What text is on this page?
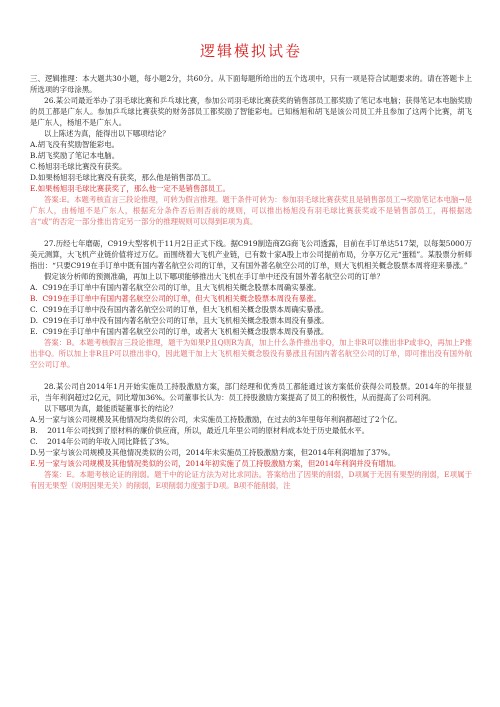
逻辑模拟试卷

三、逻辑推理：本大题共30小题，每小题2分，共60分。从下面每题所给出的五个选项中，只有一项是符合试题要求的。请在答题卡上所选项的字母涂黑。

26.某公司最近举办了羽毛球比赛和乒乓球比赛，参加公司羽毛球比赛获奖的销售部员工都奖励了笔记本电脑；获得笔记本电脑奖励的员工都是广东人。参加乒乓球比赛获奖的财务部员工都奖励了智能彩电。已知杨旭和胡飞是该公司员工并且参加了这两个比赛，胡飞是广东人，杨旭不是广东人。

以上陈述为真，能得出以下哪项结论？

A.胡飞没有奖励智能彩电。

B.胡飞奖励了笔记本电脑。

C.杨旭羽毛球比赛没有获奖。

D.如果杨旭羽毛球比赛没有获奖，那么他是销售部员工。

E.如果杨旭羽毛球比赛获奖了，那么他一定不是销售部员工。

答案:E。本题考核直言三段论推理，可转为假言推理。题干条件可转为：参加羽毛球比赛获奖且是销售部员工→奖励笔记本电脑→是广东人，由杨旭不是广东人，根据充分条件否后则否前的规则，可以推出杨旭没有羽毛球比赛获奖或不是销售部员工，再根据选言“或”的否定一部分推出肯定另一部分的推理规则可以得到E项为真。

27.历经七年磨砺，C919大型客机于11月2日正式下线。据C919制造商ZG商飞公司透露，目前在手订单达517架，以每架5000万美元测算，大飞机产业链价值将过万亿。而围绕着大飞机产业链，已有数十家A股上市公司提前布局，分享万亿元“蛋糕”。某股票分析师指出：“只要C919在手订单中既有国内著名航空公司的订单，又有国外著名航空公司的订单，则大飞机相关概念股票本周将迎来暴涨。”

假定该分析师的预测准确，再加上以下哪项能够推出大飞机在手订单中还没有国外著名航空公司的订单？

A. C919在手订单中有国内著名航空公司的订单，且大飞机相关概念股票本周确实暴涨。

B. C919在手订单中有国内著名航空公司的订单，但大飞机相关概念股票本周没有暴涨。

C. C919在手订单中没有国内著名航空公司的订单，但大飞机相关概念股票本周确实暴涨。

D. C919在手订单中没有国内著名航空公司的订单，且大飞机相关概念股票本周没有暴涨。

E. C919在手订单中有国内著名航空公司的订单，或者大飞机相关概念股票本周没有暴涨。

答案：B。本题考核假言三段论推理，题干为如果P且Q则R为真，加上什么条件推出非Q，加上非R可以推出非P或非Q，再加上P推出非Q。所以加上非R且P可以推出非Q，因此题干加上大飞机相关概念股没有暴涨且有国内著名航空公司的订单，即可推出没有国外航空公司订单。

28.某公司自2014年1月开始实施员工持股激励方案，部门经理和优秀员工都能通过该方案低价获得公司股票。2014年的年报显示，当年利润超过2亿元，同比增加36%。公司董事长认为：员工持股激励方案提高了员工的积极性，从而提高了公司利润。

以下哪项为真，最能质疑董事长的结论？

A.另一家与该公司规模及其他情况均类似的公司，未实施员工持股激励，在过去的3年里每年利润都超过了2个亿。

B. 2011年公司找到了原材料的廉价供应商，所以，最近几年里公司的原材料成本处于历史最低水平。

C. 2014年公司的年收入同比降低了3%。

D.另一家与该公司规模及其他情况类似的公司，2014年未实施员工持股激励方案，但2014年利润增加了37%。

E.另一家与该公司规模及其他情况类似的公司，2014年初实施了员工持股激励方案，但2014年利润并没有增加。

答案：E。本题考核论证的削弱。题干中的论证方法为对比求同法。答案给出了因果的削弱，D项属于无因有果型的削弱，E项属于有因无果型（说明因果无关）的削弱，E项削弱力度强于D项。B项不能削弱，注
